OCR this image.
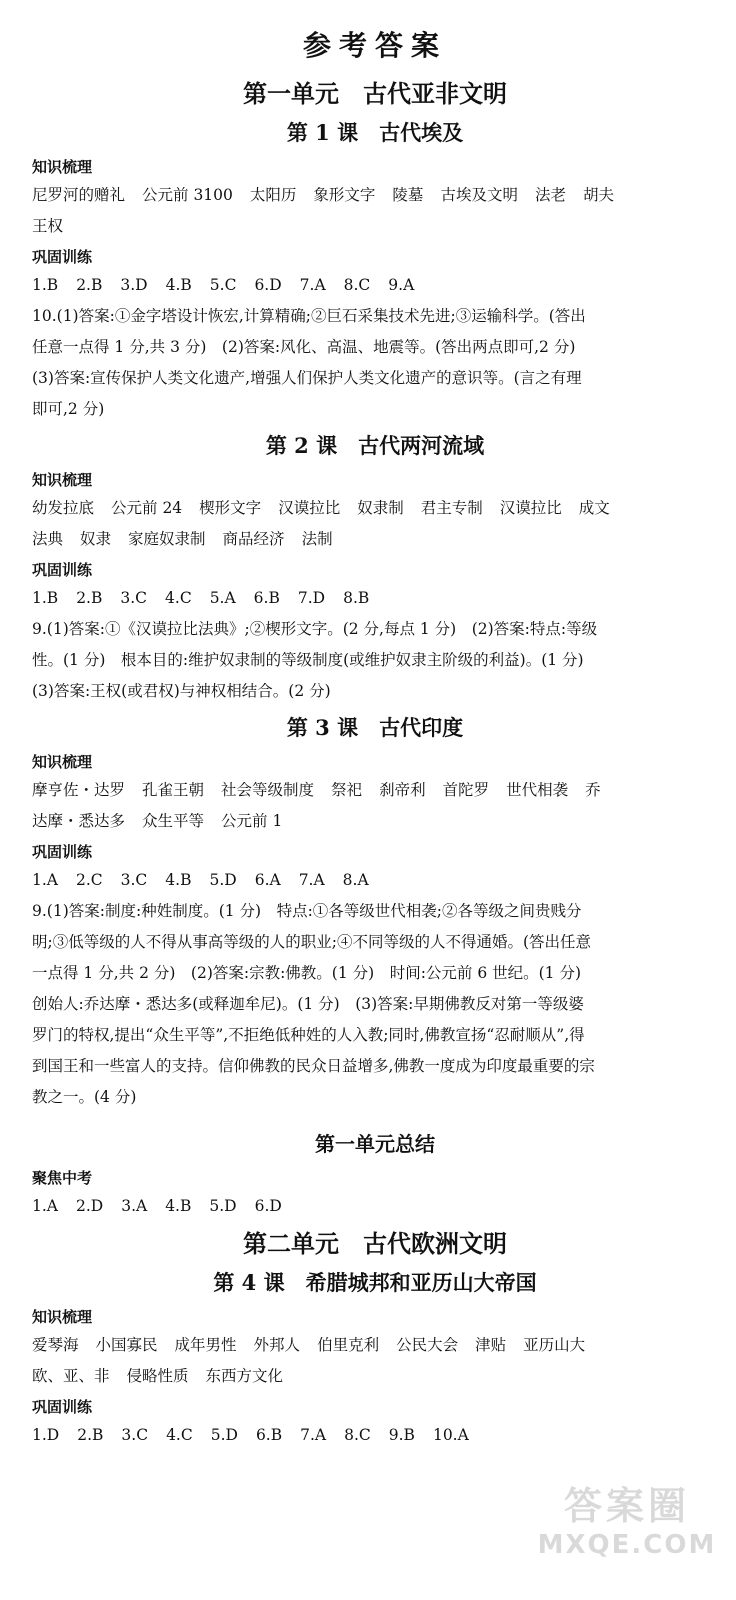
参考答案
第一单元　古代亚非文明
第 1 课　古代埃及
知识梳理
尼罗河的赠礼 公元前 3100 太阳历 象形文字 陵墓 古埃及文明 法老 胡夫
王权
巩固训练
1.B 2.B 3.D 4.B 5.C 6.D 7.A 8.C 9.A
10.(1)答案:①金字塔设计恢宏,计算精确;②巨石采集技术先进;③运输科学。(答出
任意一点得 1 分,共 3 分)　(2)答案:风化、高温、地震等。(答出两点即可,2 分)
(3)答案:宣传保护人类文化遗产,增强人们保护人类文化遗产的意识等。(言之有理
即可,2 分)
第 2 课　古代两河流域
知识梳理
幼发拉底 公元前 24 楔形文字 汉谟拉比 奴隶制 君主专制 汉谟拉比 成文
法典 奴隶 家庭奴隶制 商品经济 法制
巩固训练
1.B 2.B 3.C 4.C 5.A 6.B 7.D 8.B
9.(1)答案:①《汉谟拉比法典》;②楔形文字。(2 分,每点 1 分)　(2)答案:特点:等级
性。(1 分)　根本目的:维护奴隶制的等级制度(或维护奴隶主阶级的利益)。(1 分)
(3)答案:王权(或君权)与神权相结合。(2 分)
第 3 课　古代印度
知识梳理
摩亨佐・达罗 孔雀王朝 社会等级制度 祭祀 刹帝利 首陀罗 世代相袭 乔
达摩・悉达多 众生平等 公元前 1
巩固训练
1.A 2.C 3.C 4.B 5.D 6.A 7.A 8.A
9.(1)答案:制度:种姓制度。(1 分)　特点:①各等级世代相袭;②各等级之间贵贱分
明;③低等级的人不得从事高等级的人的职业;④不同等级的人不得通婚。(答出任意
一点得 1 分,共 2 分)　(2)答案:宗教:佛教。(1 分)　时间:公元前 6 世纪。(1 分)
创始人:乔达摩・悉达多(或释迦牟尼)。(1 分)　(3)答案:早期佛教反对第一等级婆
罗门的特权,提出“众生平等”,不拒绝低种姓的人入教;同时,佛教宣扬“忍耐顺从”,得
到国王和一些富人的支持。信仰佛教的民众日益增多,佛教一度成为印度最重要的宗
教之一。(4 分)
第一单元总结
聚焦中考
1.A 2.D 3.A 4.B 5.D 6.D
第二单元　古代欧洲文明
第 4 课　希腊城邦和亚历山大帝国
知识梳理
爱琴海 小国寡民 成年男性 外邦人 伯里克利 公民大会 津贴 亚历山大
欧、亚、非 侵略性质 东西方文化
巩固训练
1.D 2.B 3.C 4.C 5.D 6.B 7.A 8.C 9.B 10.A
答案圈
MXQE.COM
